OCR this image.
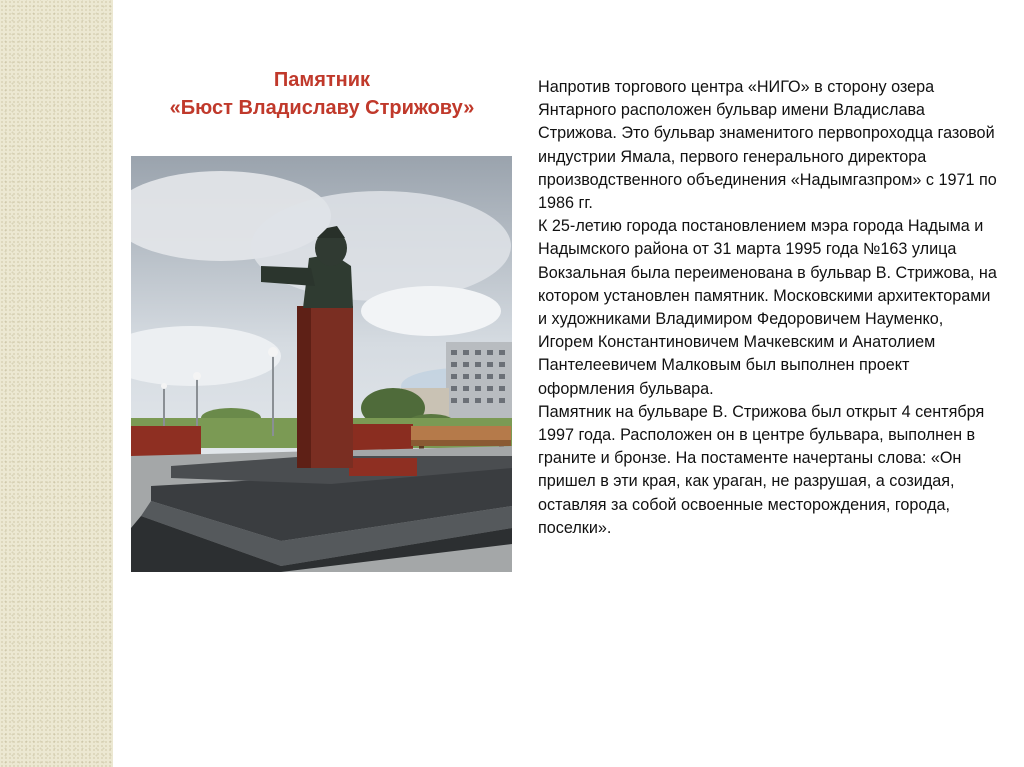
Памятник
«Бюст Владиславу Стрижову»

Напротив торгового центра «НИГО» в сторону озера Янтарного расположен бульвар имени Владислава Стрижова. Это бульвар знаменитого первопроходца газовой индустрии Ямала, первого генерального директора производственного объединения «Надымгазпром» с 1971 по 1986 гг.

К 25-летию города постановлением мэра города Надыма и Надымского района от 31 марта 1995 года №163 улица Вокзальная была переименована в бульвар В. Стрижова, на котором установлен памятник. Московскими архитекторами и художниками Владимиром Федоровичем Науменко, Игорем Константиновичем Мачкевским и Анатолием Пантелеевичем Малковым был выполнен проект оформления бульвара.

Памятник на бульваре В. Стрижова был открыт 4 сентября 1997 года. Расположен он в центре бульвара, выполнен в граните и бронзе. На постаменте начертаны слова: «Он пришел в эти края, как ураган, не разрушая, а созидая, оставляя за собой освоенные месторождения, города, поселки».
